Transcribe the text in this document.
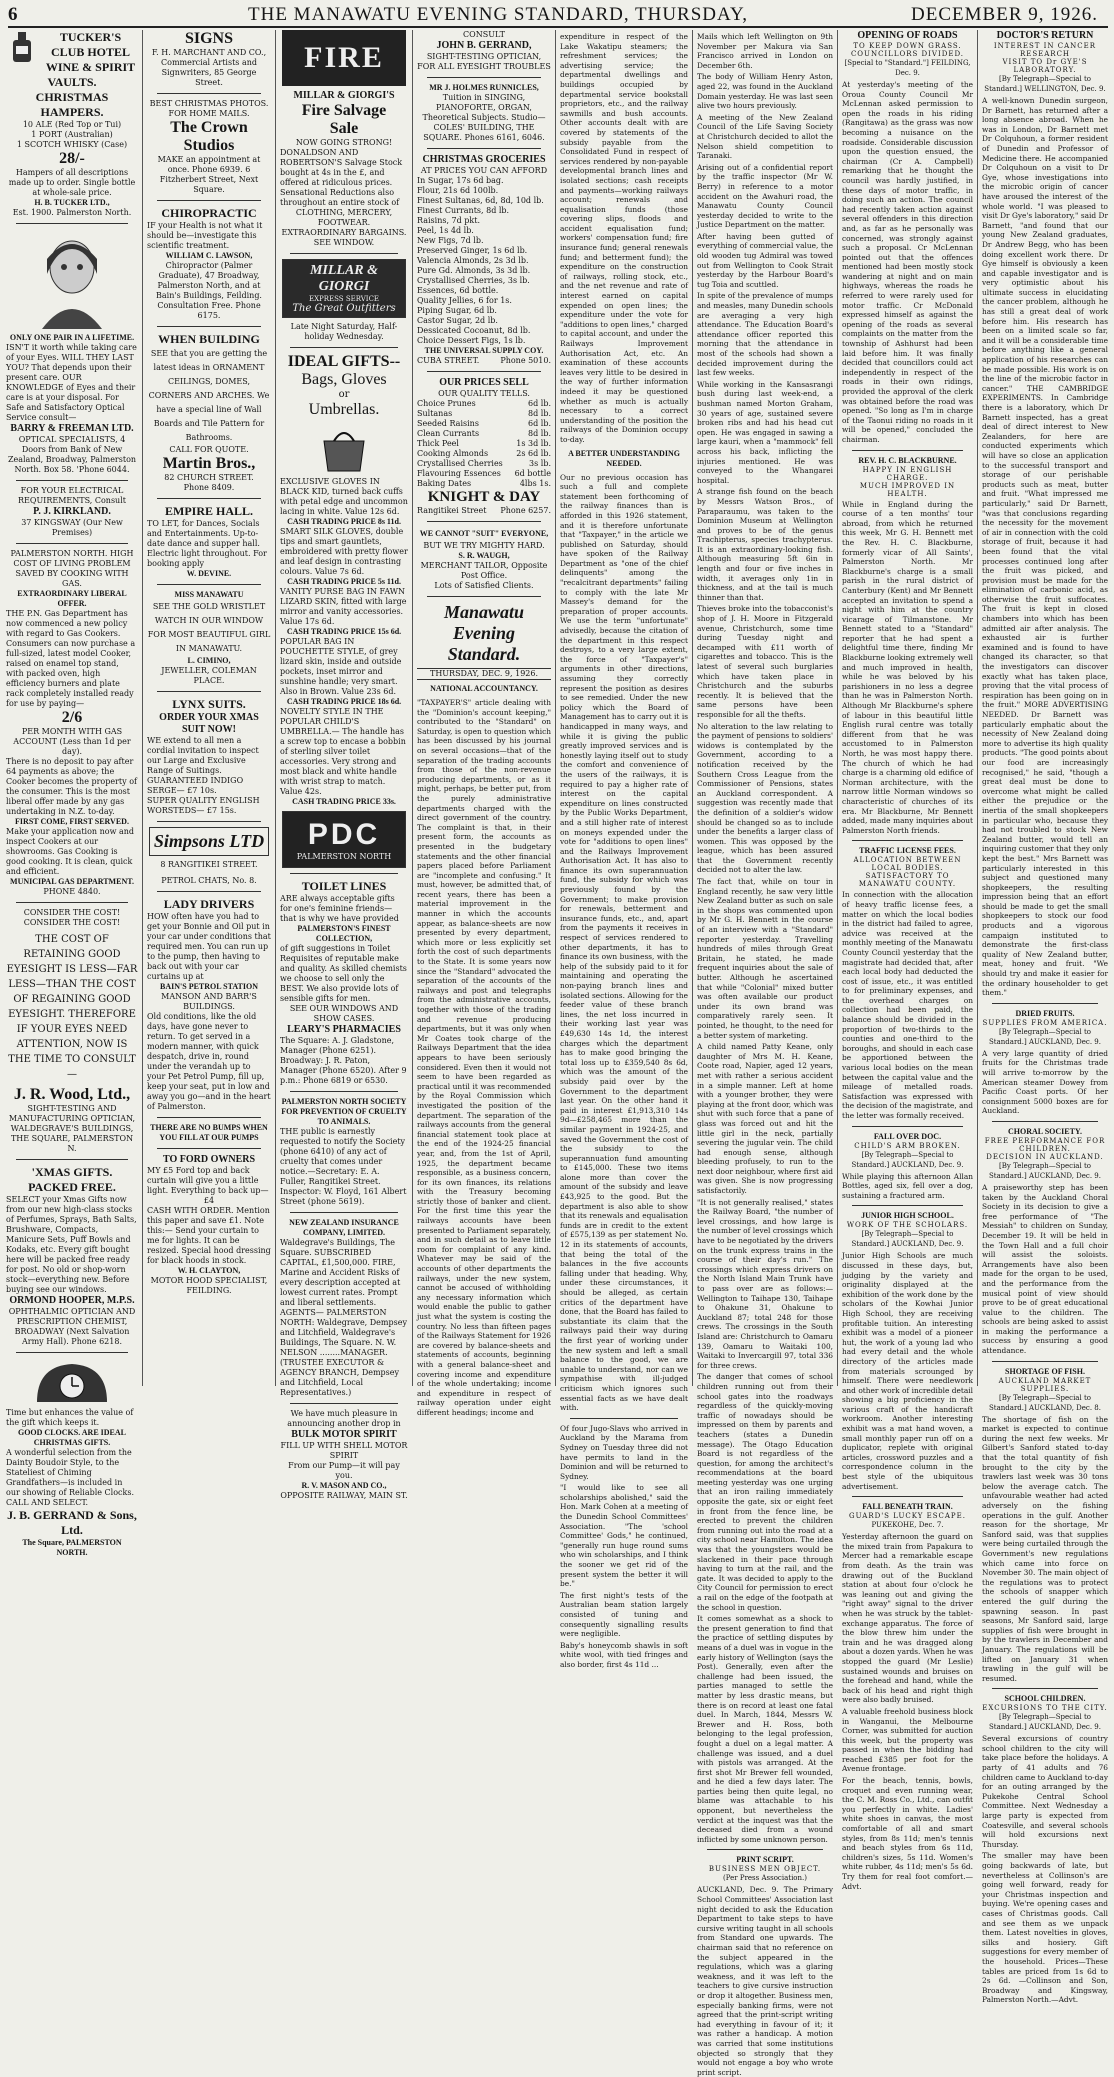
6	THE MANAWATU EVENING STANDARD, THURSDAY,	DECEMBER 9, 1926.

TUCKER'S CLUB HOTEL WINE & SPIRIT VAULTS.

CHRISTMAS HAMPERS.

10 ALE (Red Top or Tui)

1 PORT (Australian)

1 SCOTCH WHISKY (Case)

28/-

Hampers of all descriptions made up to order. Single bottle at whole-sale price.

H. B. TUCKER LTD.,

Est. 1900. Palmerston North.

ONLY ONE PAIR IN A LIFETIME.

ISN'T it worth while taking care of your Eyes. WILL THEY LAST YOU? That depends upon their present care. OUR KNOWLEDGE of Eyes and their care is at your disposal. For Safe and Satisfactory Optical Service consult—

BARRY & FREEMAN LTD.

OPTICAL SPECIALISTS, 4 Doors from Bank of New Zealand, Broadway, Palmerston North. Box 58. 'Phone 6044.

FOR YOUR ELECTRICAL REQUIREMENTS, Consult

P. J. KIRKLAND.

37 KINGSWAY (Our New Premises)

PALMERSTON NORTH. HIGH COST OF LIVING PROBLEM SAVED BY COOKING WITH GAS.

EXTRAORDINARY LIBERAL OFFER.

THE P.N. Gas Department has now commenced a new policy with regard to Gas Cookers. Consumers can now purchase a full-sized, latest model Cooker, raised on enamel top stand, with packed oven, high efficiency burners and plate rack completely installed ready for use by paying—

2/6

PER MONTH WITH GAS ACCOUNT (Less than 1d per day).

There is no deposit to pay after 64 payments as above; the Cooker becomes the property of the consumer. This is the most liberal offer made by any gas undertaking in N.Z. to-day.

FIRST COME, FIRST SERVED.

Make your application now and inspect Cookers at our showrooms. Gas Cooking is good cooking. It is clean, quick and efficient.

MUNICIPAL GAS DEPARTMENT.

PHONE 4840.

CONSIDER THE COST! CONSIDER THE COST!

THE COST OF RETAINING GOOD EYESIGHT IS LESS—FAR LESS—THAN THE COST OF REGAINING GOOD EYESIGHT. THEREFORE IF YOUR EYES NEED ATTENTION, NOW IS THE TIME TO CONSULT—

J. R. Wood, Ltd.,

SIGHT-TESTING AND MANUFACTURING OPTICIAN, WALDEGRAVE'S BUILDINGS, THE SQUARE, PALMERSTON N.

'XMAS GIFTS. PACKED FREE.

SELECT your Xmas Gifts now from our new high-class stocks of Perfumes, Sprays, Bath Salts, Brushware, Compacts, Manicure Sets, Puff Bowls and Kodaks, etc. Every gift bought here will be packed free ready for post. No old or shop-worn stock—everything new. Before buying see our windows.

ORMOND HOOPER, M.P.S.

OPHTHALMIC OPTICIAN AND PRESCRIPTION CHEMIST, BROADWAY (Next Salvation Army Hall). Phone 6218.

Time but enhances the value of the gift which keeps it.

GOOD CLOCKS. ARE IDEAL CHRISTMAS GIFTS.

A wonderful selection from the Dainty Boudoir Style, to the Stateliest of Chiming Grandfathers—is included in our showing of Reliable Clocks. CALL AND SELECT.

J. B. GERRAND & Sons, Ltd.

The Square, PALMERSTON NORTH.

SIGNS

F. H. MARCHANT AND CO., Commercial Artists and Signwriters, 85 George Street.

BEST CHRISTMAS PHOTOS. FOR HOME MAILS.

The Crown Studios

MAKE an appointment at once. Phone 6939. 6 Fitzherbert Street, Next Square.

CHIROPRACTIC

IF your Health is not what it should be—investigate this scientific treatment.

WILLIAM C. LAWSON,

Chiropractor (Palmer Graduate), 47 Broadway, Palmerston North, and at Bain's Buildings, Feilding. Consultation Free. Phone 6175.

WHEN BUILDING

SEE that you are getting the latest ideas in ORNAMENT CEILINGS, DOMES, CORNERS AND ARCHES. We have a special line of Wall Boards and Tile Pattern for Bathrooms.

CALL FOR QUOTE.

Martin Bros.,

82 CHURCH STREET.

Phone 8409.

EMPIRE HALL.

TO LET, for Dances, Socials and Entertainments. Up-to-date dance and supper hall. Electric light throughout. For booking apply

W. DEVINE.

MISS MANAWATU

SEE THE GOLD WRISTLET WATCH IN OUR WINDOW FOR MOST BEAUTIFUL GIRL IN MANAWATU.

L. CIMINO,

JEWELLER, COLEMAN PLACE.

LYNX SUITS.

ORDER YOUR XMAS SUIT NOW!

WE extend to all men a cordial invitation to inspect our Large and Exclusive Range of Suitings.

GUARANTEED INDIGO SERGE— £7 10s.

SUPER QUALITY ENGLISH WORSTEDS— £7 15s.

Simpsons LTD

8 RANGITIKEI STREET.

PETROL CHATS, No. 8.

LADY DRIVERS

HOW often have you had to get your Bonnie and Oil put in your car under conditions that required men. You can run up to the pump, then having to back out with your car curtains up at

BAIN'S PETROL STATION

MANSON AND BARR'S BUILDINGS.

Old conditions, like the old days, have gone never to return. To get served in a modern manner, with quick despatch, drive in, round under the verandah up to your Pet Petrol Pump, fill up, keep your seat, put in low and away you go—and in the heart of Palmerston.

THERE ARE NO BUMPS WHEN YOU FILL AT OUR PUMPS

TO FORD OWNERS

MY £5 Ford top and back curtain will give you a little light. Everything to back up—

£4

CASH WITH ORDER. Mention this paper and save £1. Note this:— Send your curtain to me for lights. It can be resized. Special hood dressing for black hoods in stock.

W. H. CLAYTON,

MOTOR HOOD SPECIALIST, FEILDING.

FIRE

MILLAR & GIORGI'S

Fire Salvage

Sale

NOW GOING STRONG!

DONALDSON AND ROBERTSON'S Salvage Stock bought at 4s in the £, and offered at ridiculous prices. Sensational Reductions also throughout an entire stock of

CLOTHING, MERCERY, FOOTWEAR.

EXTRAORDINARY BARGAINS.

SEE WINDOW.

MILLAR & GIORGI

EXPRESS SERVICE

The Great Outfitters

Late Night Saturday, Half-holiday Wednesday.

IDEAL GIFTS--

Bags, Gloves

or

Umbrellas.

EXCLUSIVE GLOVES IN BLACK KID, turned back cuffs with petal edge and uncommon lacing in white. Value 12s 6d.

CASH TRADING PRICE 8s 11d.

SMART SILK GLOVES, double tips and smart gauntlets, embroidered with pretty flower and leaf design in contrasting colours. Value 7s 6d.

CASH TRADING PRICE 5s 11d.

VANITY PURSE BAG IN FAWN LIZARD SKIN, fitted with large mirror and vanity accessories. Value 17s 6d.

CASH TRADING PRICE 15s 6d.

POPULAR BAG IN POUCHETTE STYLE, of grey lizard skin, inside and outside pockets, inset mirror and sunshine handle; very smart. Also in Brown. Value 23s 6d.

CASH TRADING PRICE 18s 6d.

NOVELTY STYLE IN THE POPULAR CHILD'S UMBRELLA.— The handle has a screw top to encase a bobbin of sterling silver toilet accessories. Very strong and most black and white handle with wrist strap to match. Value 42s.

CASH TRADING PRICE 33s.

PDC

PALMERSTON NORTH

TOILET LINES

ARE always acceptable gifts for one's feminine friends—that is why we have provided

PALMERSTON'S FINEST COLLECTION,

of gift suggestions in Toilet Requisites of reputable make and quality. As skilled chemists we choose to sell only the BEST. We also provide lots of sensible gifts for men.

SEE OUR WINDOWS AND SHOW CASES.

LEARY'S PHARMACIES

The Square: A. J. Gladstone, Manager (Phone 6251). Broadway: J. R. Paton, Manager (Phone 6520). After 9 p.m.: Phone 6819 or 6530.

PALMERSTON NORTH SOCIETY FOR PREVENTION OF CRUELTY TO ANIMALS.

THE public is earnestly requested to notify the Society (phone 6410) of any act of cruelty that comes under notice.—Secretary: E. A. Fuller, Rangitikei Street. Inspector: W. Floyd, 161 Albert Street (phone 5619).

NEW ZEALAND INSURANCE COMPANY, LIMITED.

Waldegrave's Buildings, The Square. SUBSCRIBED CAPITAL, £1,500,000. FIRE, Marine and Accident Risks of every description accepted at lowest current rates. Prompt and liberal settlements.

AGENTS— PALMERSTON NORTH: Waldegrave, Dempsey and Litchfield, Waldegrave's Buildings, The Square. N. W. NELSON ........MANAGER. (TRUSTEE EXECUTOR & AGENCY BRANCH, Dempsey and Litchfield, Local Representatives.)

We have much pleasure in announcing another drop in

BULK MOTOR SPIRIT

FILL UP WITH SHELL MOTOR SPIRIT

From our Pump—it will pay you.

R. V. MASON AND CO.,

OPPOSITE RAILWAY, MAIN ST.

CONSULT

JOHN B. GERRAND,

SIGHT-TESTING OPTICIAN,

FOR ALL EYESIGHT TROUBLES

MR J. HOLMES RUNNICLES,

Tuition in SINGING, PIANOFORTE, ORGAN, Theoretical Subjects. Studio— COLES' BUILDING, THE SQUARE. Phones 6161, 6046.

CHRISTMAS GROCERIES

AT PRICES YOU CAN AFFORD

In Sugar, 17s 6d bag.

Flour, 21s 6d 100lb.

Finest Sultanas, 6d, 8d, 10d lb.

Finest Currants, 8d lb.

Raisins, 7d pkt.

Peel, 1s 4d lb.

New Figs, 7d lb.

Preserved Ginger, 1s 6d lb.

Valencia Almonds, 2s 3d lb.

Pure Gd. Almonds, 3s 3d lb.

Crystallised Cherries, 3s lb.

Essences, 6d bottle.

Quality Jellies, 6 for 1s.

Piping Sugar, 6d lb.

Castor Sugar, 2d lb.

Dessicated Cocoanut, 8d lb.

Choice Dessert Figs, 1s lb.

THE UNIVERSAL SUPPLY COY.

CUBA STREET.	Phone 5010.

OUR PRICES SELL

OUR QUALITY TELLS.

Choice Prunes	6d lb.
Sultanas	8d lb.
Seeded Raisins	6d lb.
Clean Currants	8d lb.
Thick Peel	1s 3d lb.
Cooking Almonds	2s 6d lb.
Crystallised Cherries	3s lb.
Flavouring Essences 6d bottle
Baking Dates	4lbs 1s.

KNIGHT & DAY

Rangitikei Street Phone 6257.

WE CANNOT "SUIT" EVERYONE,

BUT WE TRY MIGHTY HARD.

S. R. WAUGH,

MERCHANT TAILOR, Opposite Post Office.

Lots of Satisfied Clients.

Manawatu

Evening Standard.

THURSDAY, DEC. 9, 1926.

NATIONAL ACCOUNTANCY.

"TAXPAYER'S" article dealing with the "Dominion's account keeping," contributed to the "Standard" on Saturday, is open to question which has been discussed by his journal on several occasions—that of the separation of the trading accounts from those of the non-revenue producing departments, or as it might, perhaps, be better put, from the purely administrative departments charged with the direct government of the country. The complaint is that, in their present form, the accounts as presented in the budgetary statements and the other financial papers placed before Parliament are "incomplete and confusing." It must, however, be admitted that, of recent years, there has been a material improvement in the manner in which the accounts appear, as balance-sheets are now presented by every department, which more or less explicitly set forth the cost of such departments to the State. It is some years now since the "Standard" advocated the separation of the accounts of the railways and post and telegraphs from the administrative accounts, together with those of the trading and revenue producing departments, but it was only when Mr Coates took charge of the Railways Department that the idea appears to have been seriously considered. Even then it would not seem to have been regarded as practical until it was recommended by the Royal Commission which investigated the position of the department. The separation of the railways accounts from the general financial statement took place at the end of the 1924-25 financial year, and, from the 1st of April, 1925, the department became responsible, as a business concern, for its own finances, its relations with the Treasury becoming strictly those of banker and client. For the first time this year the railways accounts have been presented to Parliament separately, and in such detail as to leave little room for complaint of any kind. Whatever may be said of the accounts of other departments the railways, under the new system, cannot be accused of withholding any necessary information which would enable the public to gather just what the system is costing the country. No less than fifteen pages of the Railways Statement for 1926 are covered by balance-sheets and statements of accounts, beginning with a general balance-sheet and covering income and expenditure of the whole undertaking; income and expenditure in respect of railway operation under eight different headings; income and

expenditure in respect of the Lake Wakatipu steamers; the refreshment services; the advertising service; the departmental dwellings and buildings occupied by departmental service bookstall proprietors, etc., and the railway sawmills and bush accounts. Other accounts dealt with are covered by statements of the subsidy payable from the Consolidated Fund in respect of services rendered by non-payable developmental branch lines and isolated sections; cash receipts and payments—working railways account; renewals and equalisation funds (those covering slips, floods and accident equalisation fund; workers' compensation fund; fire insurance fund; general renewals fund; and betterment fund); the expenditure on the construction of railways, rolling stock, etc., and the net revenue and rate of interest earned on capital expended on open lines; the expenditure under the vote for "additions to open lines," charged to capital account, and under the Railways Improvement Authorisation Act, etc. An examination of these accounts leaves very little to be desired in the way of further information indeed it may be questioned whether as much is actually necessary to a correct understanding of the position the railways of the Dominion occupy to-day.

A BETTER UNDERSTANDING NEEDED.

Our no previous occasion has such a full and complete statement been forthcoming of the railway finances than is afforded in this 1926 statement, and it is therefore unfortunate that "Taxpayer," in the article we published on Saturday, should have spoken of the Railway Department as "one of the chief delinquents" among the "recalcitrant departments" failing to comply with the late Mr Massey's demand for the preparation of proper accounts. We use the term "unfortunate" advisedly, because the citation of the department in this respect destroys, to a very large extent, the force of "Taxpayer's" arguments in other directions, assuming they correctly represent the position as desires to see remedied. Under the new policy which the Board of Management has to carry out it is handicapped in many ways, and while it is giving the public greatly improved services and is honestly laying itself out to study the comfort and convenience of the users of the railways, it is required to pay a higher rate of interest on the capital expenditure on lines constructed by the Public Works Department, and a still higher rate of interest on moneys expended under the vote for "additions to open lines" and the Railways Improvement Authorisation Act. It has also to finance its own superannuation fund, the subsidy for which was previously found by the Government; to make provision for renewals, betterment and insurance funds, etc., and, apart from the payments it receives in respect of services rendered to other departments, it has to finance its own business, with the help of the subsidy paid to it for maintaining and operating the non-paying branch lines and isolated sections. Allowing for the feeder value of these branch lines, the net loss incurred in their working last year was £49,630 14s 1d, the interest charges which the department has to make good bringing the total loss up to £359,540 8s 6d, which was the amount of the subsidy paid over by the Government to the department last year. On the other hand it paid in interest £1,913,310 14s 9d—£258,465 more than the similar payment in 1924-25, and saved the Government the cost of the subsidy to the superannuation fund amounting to £145,000. These two items alone more than cover the amount of the subsidy and leave £43,925 to the good. But the department is also able to show that its renewals and equalisation funds are in credit to the extent of £575,139 as per statement No. 12 in its statements of accounts, that being the total of the balances in the five accounts falling under that heading. Why, under these circumstances, it should be alleged, as certain critics of the department have done, that the Board has failed to substantiate its claim that the railways paid their way during the first year of working under the new system and left a small balance to the good, we are unable to understand, nor can we sympathise with ill-judged criticism which ignores such essential facts as we have dealt with.

Of four Jugo-Slavs who arrived in Auckland by the Marama from Sydney on Tuesday three did not have permits to land in the Dominion and will be returned to Sydney.

"I would like to see all scholarships abolished," said the Hon. Mark Cohen at a meeting of the Dunedin School Committees' Association. "The 'school Committee' Gods," he continued, "generally run huge round sums who win scholarships, and I think the sooner we get rid of the present system the better it will be."

The first night's tests of the Australian beam station largely consisted of tuning and consequently signalling results were negligible.

Baby's honeycomb shawls in soft white wool, with tied fringes and also border, first 4s 11d ...

Mails which left Wellington on 9th November per Makura via San Francisco arrived in London on December 6th.

The body of William Henry Aston, aged 22, was found in the Auckland Domain yesterday. He was last seen alive two hours previously.

A meeting of the New Zealand Council of the Life Saving Society at Christchurch decided to allot the Nelson shield competition to Taranaki.

Arising out of a confidential report by the traffic inspector (Mr W. Berry) in reference to a motor accident on the Awahuri road, the Manawatu County Council yesterday decided to write to the Justice Department on the matter.

After having been gutted of everything of commercial value, the old wooden tug Admiral was towed out from Wellington to Cook Strait yesterday by the Harbour Board's tug Toia and scuttled.

In spite of the prevalence of mumps and measles, many Dunedin schools are averaging a very high attendance. The Education Board's attendance officer reported this morning that the attendance in most of the schools had shown a decided improvement during the last few weeks.

While working in the Kansasrangi bush during last week-end, a bushman named Morton Graham, 30 years of age, sustained severe broken ribs and had his head cut open. He was engaged in sawing a large kauri, when a "mammock" fell across his back, inflicting the injuries mentioned. He was conveyed to the Whangarei hospital.

A strange fish found on the beach by Messrs Watson Bros., of Paraparaumu, was taken to the Dominion Museum at Wellington and proves to be of the genus Trachipterus, species trachypterus. It is an extraordinary-looking fish. Although measuring 5ft 6in in length and four or five inches in width, it averages only 1in in thickness, and at the tail is much thinner than that.

Thieves broke into the tobacconist's shop of J. H. Moore in Fitzgerald avenue, Christchurch, some time during Tuesday night and decamped with £11 worth of cigarettes and tobacco. This is the latest of several such burglaries which have taken place in Christchurch and the suburbs recently. It is believed that the same persons have been responsible for all the thefts.

No alteration to the law relating to the payment of pensions to soldiers' widows is contemplated by the Government, according to a notification received by the Southern Cross League from the Commissioner of Pensions, states an Auckland correspondent. A suggestion was recently made that the definition of a soldier's widow should be changed so as to include under the benefits a larger class of women. This was opposed by the league, which has been assured that the Government recently decided not to alter the law.

The fact that, while on tour in England recently, he saw very little New Zealand butter as such on sale in the shops was commented upon by Mr G. H. Bennett in the course of an interview with a "Standard" reporter yesterday. Travelling hundreds of miles through Great Britain, he stated, he made frequent inquiries about the sale of butter. Although he ascertained that while "Colonial" mixed butter was often available our product under its own brand was comparatively rarely seen. It pointed, he thought, to the need for a better system of marketing.

A child named Patty Keane, only daughter of Mrs M. H. Keane, Coote road, Napier, aged 12 years, met with rather a serious accident in a simple manner. Left at home with a younger brother, they were playing at the front door, which was shut with such force that a pane of glass was forced out and hit the little girl in the neck, partially severing the jugular vein. The child had enough sense, although bleeding profusely, to run to the next door neighbour, where first aid was given. She is now progressing satisfactorily.

"It is not generally realised," states the Railway Board, "the number of level crossings, and how large is the number of level crossings which have to be negotiated by the drivers on the trunk express trains in the course of their day's run." The crossings which express drivers on the North Island Main Trunk have to pass over are as follows:—Wellington to Taihape 130, Taihape to Ohakune 31, Ohakune to Auckland 87; total 248 for those crews. The crossings in the South Island are: Christchurch to Oamaru 139, Oamaru to Waitaki 100, Waitaki to Invercargill 97, total 336 for three crews.

The danger that comes of school children running out from their school gates into the roadways regardless of the quickly-moving traffic of nowadays should be impressed on them by parents and teachers (states a Dunedin message). The Otago Education Board is not regardless of the question, for among the architect's recommendations at the board meeting yesterday was one urging that an iron railing immediately opposite the gate, six or eight feet in front from the fence line, be erected to prevent the children from running out into the road at a city school near Hamilton. The idea was that the youngsters would be slackened in their pace through having to turn at the rail, and the gate. It was decided to apply to the City Council for permission to erect a rail on the edge of the footpath at the school in question.

It comes somewhat as a shock to the present generation to find that the practice of settling disputes by means of a duel was in vogue in the early history of Wellington (says the Post). Generally, even after the challenge had been issued, the parties managed to settle the matter by less drastic means, but there is on record at least one fatal duel. In March, 1844, Messrs W. Brewer and H. Ross, both belonging to the legal profession, fought a duel on a legal matter. A challenge was issued, and a duel with pistols was arranged. At the first shot Mr Brewer fell wounded, and he died a few days later. The parties being then quite legal, no blame was attachable to his opponent, but nevertheless the verdict at the inquest was that the deceased died from a wound inflicted by some unknown person.

PRINT SCRIPT.

BUSINESS MEN OBJECT.

(Per Press Association.)

AUCKLAND, Dec. 9. The Primary School Committees' Association last night decided to ask the Education Department to take steps to have cursive writing taught in all schools from Standard one upwards. The chairman said that no reference on the subject appeared in the regulations, which was a glaring weakness, and it was left to the teachers to give cursive instruction or drop it altogether. Business men, especially banking firms, were not agreed that the print-script writing had everything in favour of it; it was rather a handicap. A motion was carried that some institutions objected so strongly that they would not engage a boy who wrote print script.

OPENING OF ROADS

TO KEEP DOWN GRASS.

COUNCILLORS DIVIDED.

[Special to "Standard."] FEILDING, Dec. 9.

At yesterday's meeting of the Oroua County Council Mr McLennan asked permission to open the roads in his riding (Rangitawa) as the grass was now becoming a nuisance on the roadside. Considerable discussion upon the question ensued, the chairman (Cr A. Campbell) remarking that he thought the council was hardly justified, in these days of motor traffic, in doing such an action. The council had recently taken action against several offenders in this direction and, as far as he personally was concerned, was strongly against such a proposal. Cr McLennan pointed out that the offences mentioned had been mostly stock wandering at night and on main highways, whereas the roads he referred to were rarely used for motor traffic. Cr McDonald expressed himself as against the opening of the roads as several complaints on the matter from the township of Ashhurst had been laid before him. It was finally decided that councillors could act independently in respect of the roads in their own ridings, provided the approval of the clerk was obtained before the road was opened. "So long as I'm in charge of the Taonui riding no roads in it will be opened," concluded the chairman.

REV. H. C. BLACKBURNE.

HAPPY IN ENGLISH CHARGE.

MUCH IMPROVED IN HEALTH.

While in England during the course of a ten months' tour abroad, from which he returned this week, Mr G. H. Bennett met the Rev. H. C. Blackburne, formerly vicar of All Saints', Palmerston North. Mr Blackburne's charge is a small parish in the rural district of Canterbury (Kent) and Mr Bennett accepted an invitation to spend a night with him at the country vicarage of Tilmanstone. Mr Bennett stated to a "Standard" reporter that he had spent a delightful time there, finding Mr Blackburne looking extremely well and much improved in health, while he was beloved by his parishioners in no less a degree than he was in Palmerston North. Although Mr Blackburne's sphere of labour in this beautiful little English rural centre was totally different from that he was accustomed to in Palmerston North, he was most happy there. The church of which he had charge is a charming old edifice of Norman architecture, with the narrow little Norman windows so characteristic of churches of its era. Mr Blackburne, Mr Bennett added, made many inquiries about Palmerston North friends.

TRAFFIC LICENSE FEES.

ALLOCATION BETWEEN LOCAL BODIES.

SATISFACTORY TO MANAWATU COUNTY.

In connection with the allocation of heavy traffic license fees, a matter on which the local bodies in the district had failed to agree, advice was received at the monthly meeting of the Manawatu County Council yesterday that the magistrate had decided that, after each local body had deducted the cost of issue, etc., it was entitled to for preliminary expenses, and the overhead charges on collection had been paid, the balance should be divided in the proportion of two-thirds to the counties and one-third to the boroughs, and should in each case be apportioned between the various local bodies on the mean between the capital value and the mileage of metalled roads. Satisfaction was expressed with the decision of the magistrate, and the letter was formally received.

FALL OVER DOC.

CHILD'S ARM BROKEN.

[By Telegraph—Special to Standard.] AUCKLAND, Dec. 9.

While playing this afternoon Allan Bottles, aged six, fell over a dog, sustaining a fractured arm.

JUNIOR HIGH SCHOOL.

WORK OF THE SCHOLARS.

[By Telegraph—Special to Standard.] AUCKLAND, Dec. 9.

Junior High Schools are much discussed in these days, but, judging by the variety and originality displayed at the exhibition of the work done by the scholars of the Kowhai Junior High School, they are receiving profitable tuition. An interesting exhibit was a model of a pioneer hut, the work of a young lad who had every detail and the whole directory of the articles made from materials scrounged by himself. There were needlework and other work of incredible detail showing a big proficiency in the various craft of the handicraft workroom. Another interesting exhibit was a mat hand woven, a small monthly paper run off on a duplicator, replete with original articles, crossword puzzles and a correspondence column in the best style of the ubiquitous advertisement.

FALL BENEATH TRAIN.

GUARD'S LUCKY ESCAPE.

PUKEKOHE, Dec. 7.

Yesterday afternoon the guard on the mixed train from Papakura to Mercer had a remarkable escape from death. As the train was drawing out of the Buckland station at about four o'clock he was leaning out and giving the "right away" signal to the driver when he was struck by the tablet-exchange apparatus. The force of the blow threw him under the train and he was dragged along about a dozen yards. When he was stopped the guard (Mr Leslie) sustained wounds and bruises on the forehead and hand, while the back of his head and right thigh were also badly bruised.

A valuable freehold business block in Wanganui, the Melbourne Corner, was submitted for auction this week, but the property was passed in when the bidding had reached £385 per foot for the Avenue frontage.

For the beach, tennis, bowls, croquet and even running wear, the C. M. Ross Co., Ltd., can outfit you perfectly in white. Ladies' white shoes in canvas, the most comfortable of all and smart styles, from 8s 11d; men's tennis and beach styles from 6s 11d, children's sizes, 5s 11d. Women's white rubber, 4s 11d; men's 5s 6d. Try them for real foot comfort.—Advt.

DOCTOR'S RETURN

INTEREST IN CANCER RESEARCH

VISIT TO Dr GYE'S LABORATORY.

[By Telegraph—Special to Standard.] WELLINGTON, Dec. 9.

A well-known Dunedin surgeon, Dr Barnett, has returned after a long absence abroad. When he was in London, Dr Barnett met Dr Colquhoun, a former resident of Dunedin and Professor of Medicine there. He accompanied Dr Colquhoun on a visit to Dr Gye, whose investigations into the microbic origin of cancer have aroused the interest of the whole world. "I was pleased to visit Dr Gye's laboratory," said Dr Barnett, "and found that our young New Zealand graduates, Dr Andrew Begg, who has been doing excellent work there. Dr Gye himself is obviously a keen and capable investigator and is very optimistic about his ultimate success in elucidating the cancer problem, although he has still a great deal of work before him. His research has been on a limited scale so far, and it will be a considerable time before anything like a general application of his researches can be made possible. His work is on the line of the microbic factor in cancer." THE CAMBRIDGE EXPERIMENTS. In Cambridge there is a laboratory, which Dr Barnett inspected, has a great deal of direct interest to New Zealanders, for here are conducted experiments which will have so close an application to the successful transport and storage of our perishable products such as meat, butter and fruit. "What impressed me particularly," said Dr Barnett, "was that conclusions regarding the necessity for the movement of air in connection with the cold storage of fruit, because it had been found that the vital processes continued long after the fruit was picked, and provision must be made for the elimination of carbonic acid, as otherwise the fruit suffocates. The fruit is kept in closed chambers into which has been admitted air after analysis. The exhausted air is further examined and is found to have changed its character, so that the investigators can discover exactly what has taken place, proving that the vital process of respiration has been going on in the fruit." MORE ADVERTISING NEEDED. Dr Barnett was particularly emphatic about the necessity of New Zealand doing more to advertise its high quality products. "The good points about our food are increasingly recognised," he said, "though a great deal must be done to overcome what might be called either the prejudice or the inertia of the small shopkeepers in particular who, because they had not troubled to stock New Zealand butter, would tell an inquiring customer that they only kept the best." Mrs Barnett was particularly interested in this subject and questioned many shopkeepers, the resulting impression being that an effort should be made to get the small shopkeepers to stock our food products and a vigorous campaign instituted to demonstrate the first-class quality of New Zealand butter, meat, honey and fruit. "We should try and make it easier for the ordinary householder to get them."

DRIED FRUITS.

SUPPLIES FROM AMERICA.

[By Telegraph—Special to Standard.] AUCKLAND, Dec. 9.

A very large quantity of dried fruits for the Christmas trade will arrive to-morrow by the American steamer Dowey from Pacific Coast ports. Of her consignment 5000 boxes are for Auckland.

CHORAL SOCIETY.

FREE PERFORMANCE FOR CHILDREN.

DECISION IN AUCKLAND.

[By Telegraph—Special to Standard.] AUCKLAND, Dec. 9.

A praiseworthy step has been taken by the Auckland Choral Society in its decision to give a free performance of "The Messiah" to children on Sunday, December 19. It will be held in the Town Hall and a full choir will assist the soloists. Arrangements have also been made for the organ to be used, and the performance from the musical point of view should prove to be of great educational value to the children. The schools are being asked to assist in making the performance a success by ensuring a good attendance.

SHORTAGE OF FISH.

AUCKLAND MARKET SUPPLIES.

[By Telegraph—Special to Standard.] AUCKLAND, Dec. 8.

The shortage of fish on the market is expected to continue during the next few weeks. Mr Gilbert's Sanford stated to-day that the total quantity of fish brought to the city by the trawlers last week was 30 tons below the average catch. The unfavourable weather had acted adversely on the fishing operations in the gulf. Another reason for the shortage, Mr Sanford said, was that supplies were being curtailed through the Government's new regulations which came into force on November 30. The main object of the regulations was to protect the schools of snapper which entered the gulf during the spawning season. In past seasons, Mr Sanford said, large supplies of fish were brought in by the trawlers in December and January. The regulations will be lifted on January 31 when trawling in the gulf will be resumed.

SCHOOL CHILDREN.

EXCURSIONS TO THE CITY.

[By Telegraph—Special to Standard.] AUCKLAND, Dec. 9.

Several excursions of country school children to the city will take place before the holidays. A party of 41 adults and 76 children came to Auckland to-day for an outing arranged by the Pukekohe Central School Committee. Next Wednesday a large party is expected from Coatesville, and several schools will hold excursions next Thursday.

The smaller may have been going backwards of late, but nevertheless at Collinson's are going well forward, ready for your Christmas inspection and buying. We're opening cases and cases of Christmas goods. Call and see them as we unpack them. Latest novelties in gloves, silks and hosiery. Gift suggestions for every member of the household. Prices—These tables are priced from 1s 6d to 2s 6d. —Collinson and Son, Broadway and Kingsway, Palmerston North.—Advt.
